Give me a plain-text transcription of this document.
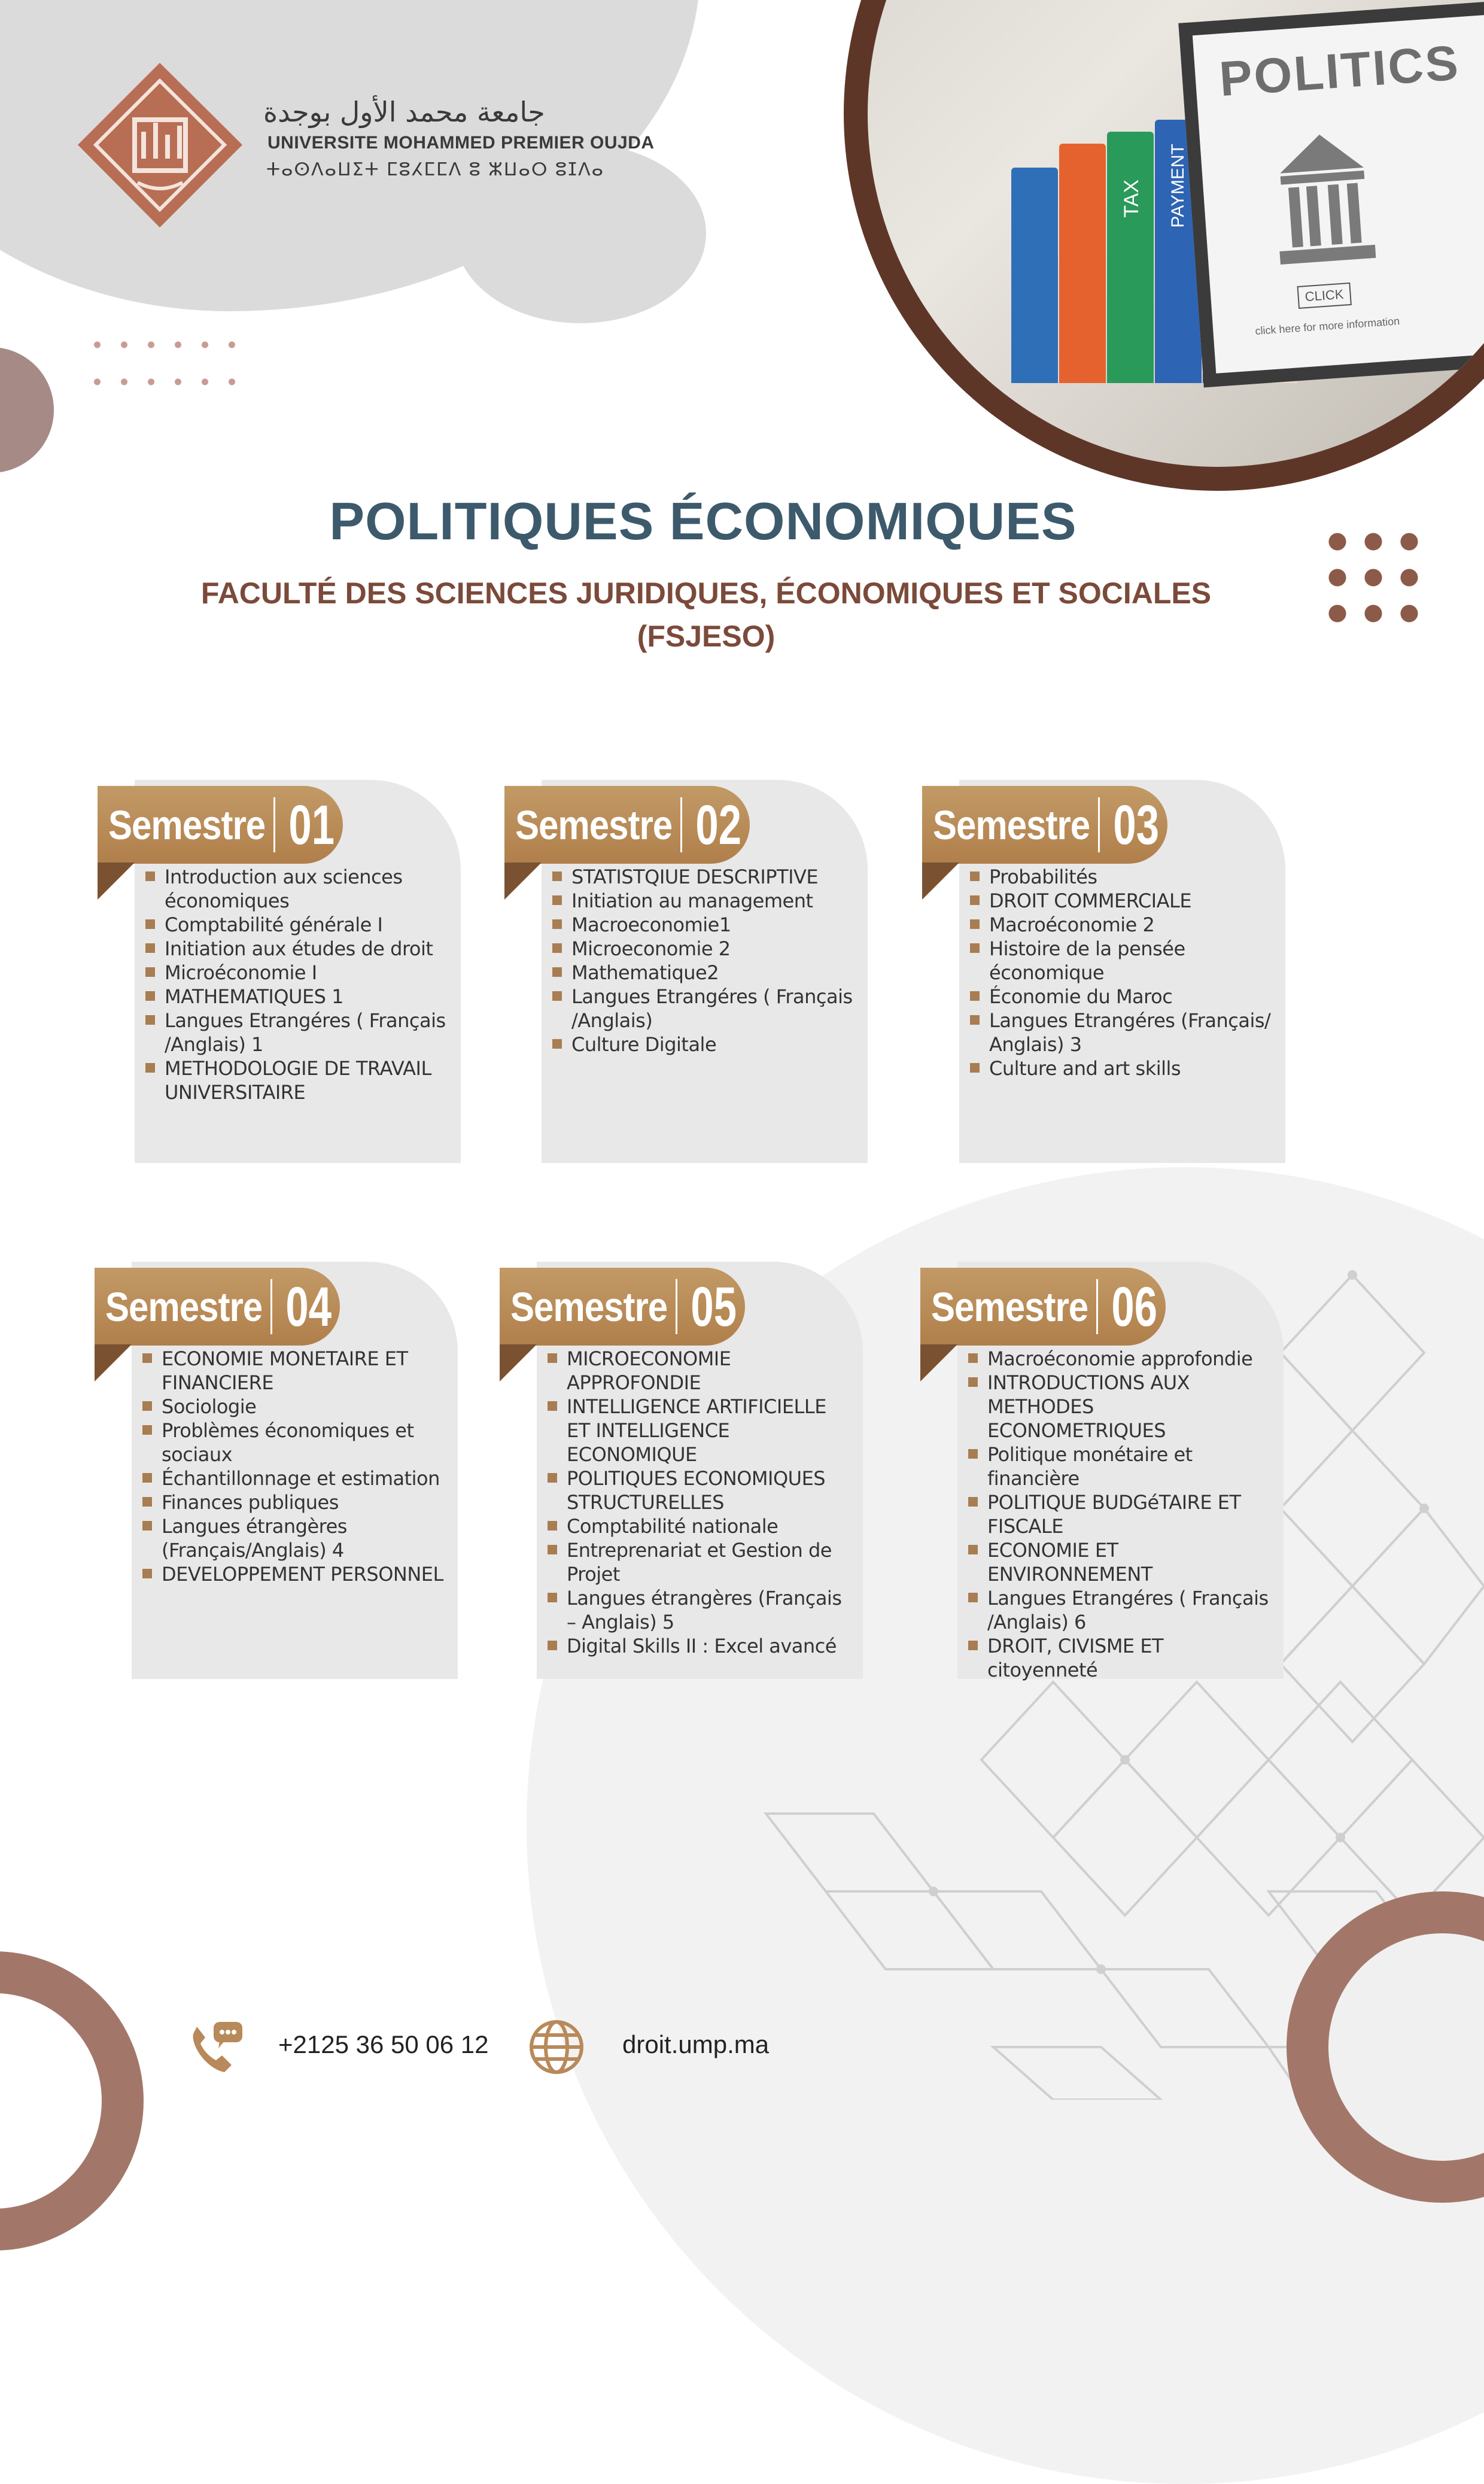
TAX PAYMENT
POLITICS
CLICK
click here for more information
جامعة محمد الأول بوجدة
UNIVERSITE MOHAMMED PREMIER OUJDA
ⵜⴰⵙⴷⴰⵡⵉⵜ ⵎⵓⵃⵎⵎⴷ ⵓ ⵣⵡⴰⵔ ⵓⵊⴷⴰ
POLITIQUES ÉCONOMIQUES
FACULTÉ DES SCIENCES JURIDIQUES, ÉCONOMIQUES ET SOCIALES
(FSJESO)
Semestre 01
Introduction aux sciences économiques
Comptabilité générale I
Initiation aux études de droit
Microéconomie I
MATHEMATIQUES 1
Langues Etrangéres ( Français /Anglais) 1
METHODOLOGIE DE TRAVAIL UNIVERSITAIRE
Semestre 02
STATISTQIUE DESCRIPTIVE
Initiation au management
Macroeconomie1
Microeconomie 2
Mathematique2
Langues Etrangéres ( Français /Anglais)
Culture Digitale
Semestre 03
Probabilités
DROIT COMMERCIALE
Macroéconomie 2
Histoire de la pensée économique
Économie du Maroc
Langues Etrangéres (Français/ Anglais) 3
Culture and art skills
Semestre 04
ECONOMIE MONETAIRE ET FINANCIERE
Sociologie
Problèmes économiques et sociaux
Échantillonnage et estimation
Finances publiques
Langues étrangères (Français/Anglais) 4
DEVELOPPEMENT PERSONNEL
Semestre 05
MICROECONOMIE APPROFONDIE
INTELLIGENCE ARTIFICIELLE ET INTELLIGENCE ECONOMIQUE
POLITIQUES ECONOMIQUES STRUCTURELLES
Comptabilité nationale
Entreprenariat et Gestion de Projet
Langues étrangères (Français – Anglais) 5
Digital Skills II : Excel avancé
Semestre 06
Macroéconomie approfondie
INTRODUCTIONS AUX METHODES ECONOMETRIQUES
Politique monétaire et financière
POLITIQUE BUDGéTAIRE ET FISCALE
ECONOMIE ET ENVIRONNEMENT
Langues Etrangéres ( Français /Anglais) 6
DROIT, CIVISME ET citoyenneté
+2125 36 50 06 12	droit.ump.ma
